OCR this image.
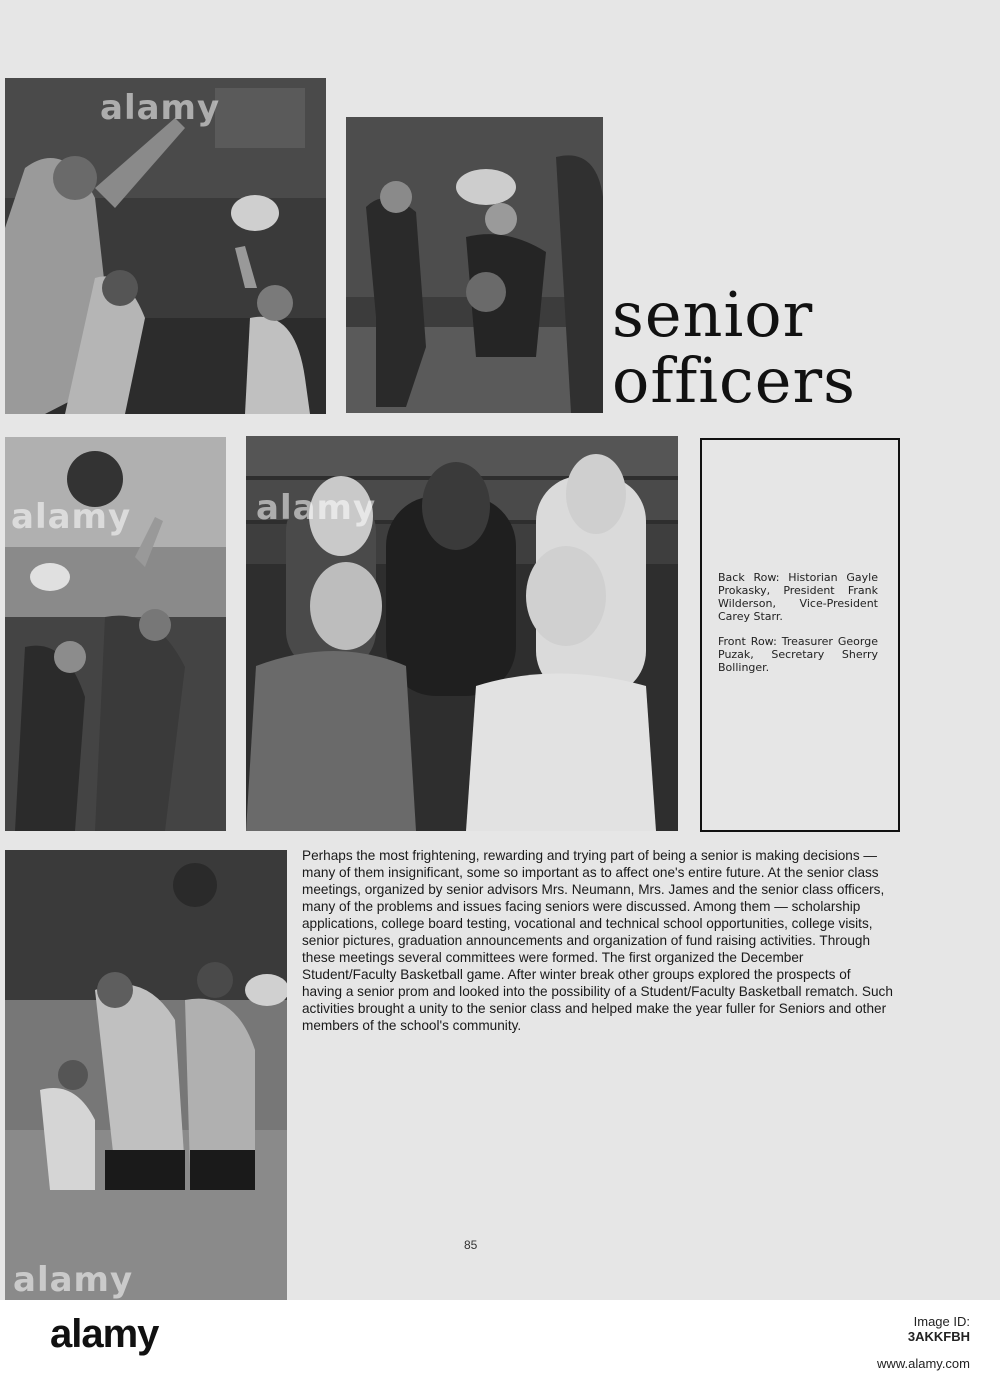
alamy
senior
officers
alamy	alamy

Back Row: Historian Gayle Prokasky, President Frank Wilderson, Vice-President Carey Starr.

Front Row: Treasurer George Puzak, Secretary Sherry Bollinger.

alamy
Perhaps the most frightening, rewarding and trying part of being a senior is making decisions — many of them insignificant, some so important as to affect one's entire future. At the senior class meetings, organized by senior advisors Mrs. Neumann, Mrs. James and the senior class officers, many of the problems and issues facing seniors were discussed. Among them — scholarship applications, college board testing, vocational and technical school opportunities, college visits, senior pictures, graduation announcements and organization of fund raising activities. Through these meetings several committees were formed. The first organized the December Student/Faculty Basketball game. After winter break other groups explored the prospects of having a senior prom and looked into the possibility of a Student/Faculty Basketball rematch. Such activities brought a unity to the senior class and helped make the year fuller for Seniors and other members of the school's community.
85
alamy	Image ID:
3AKKFBH
www.alamy.com
